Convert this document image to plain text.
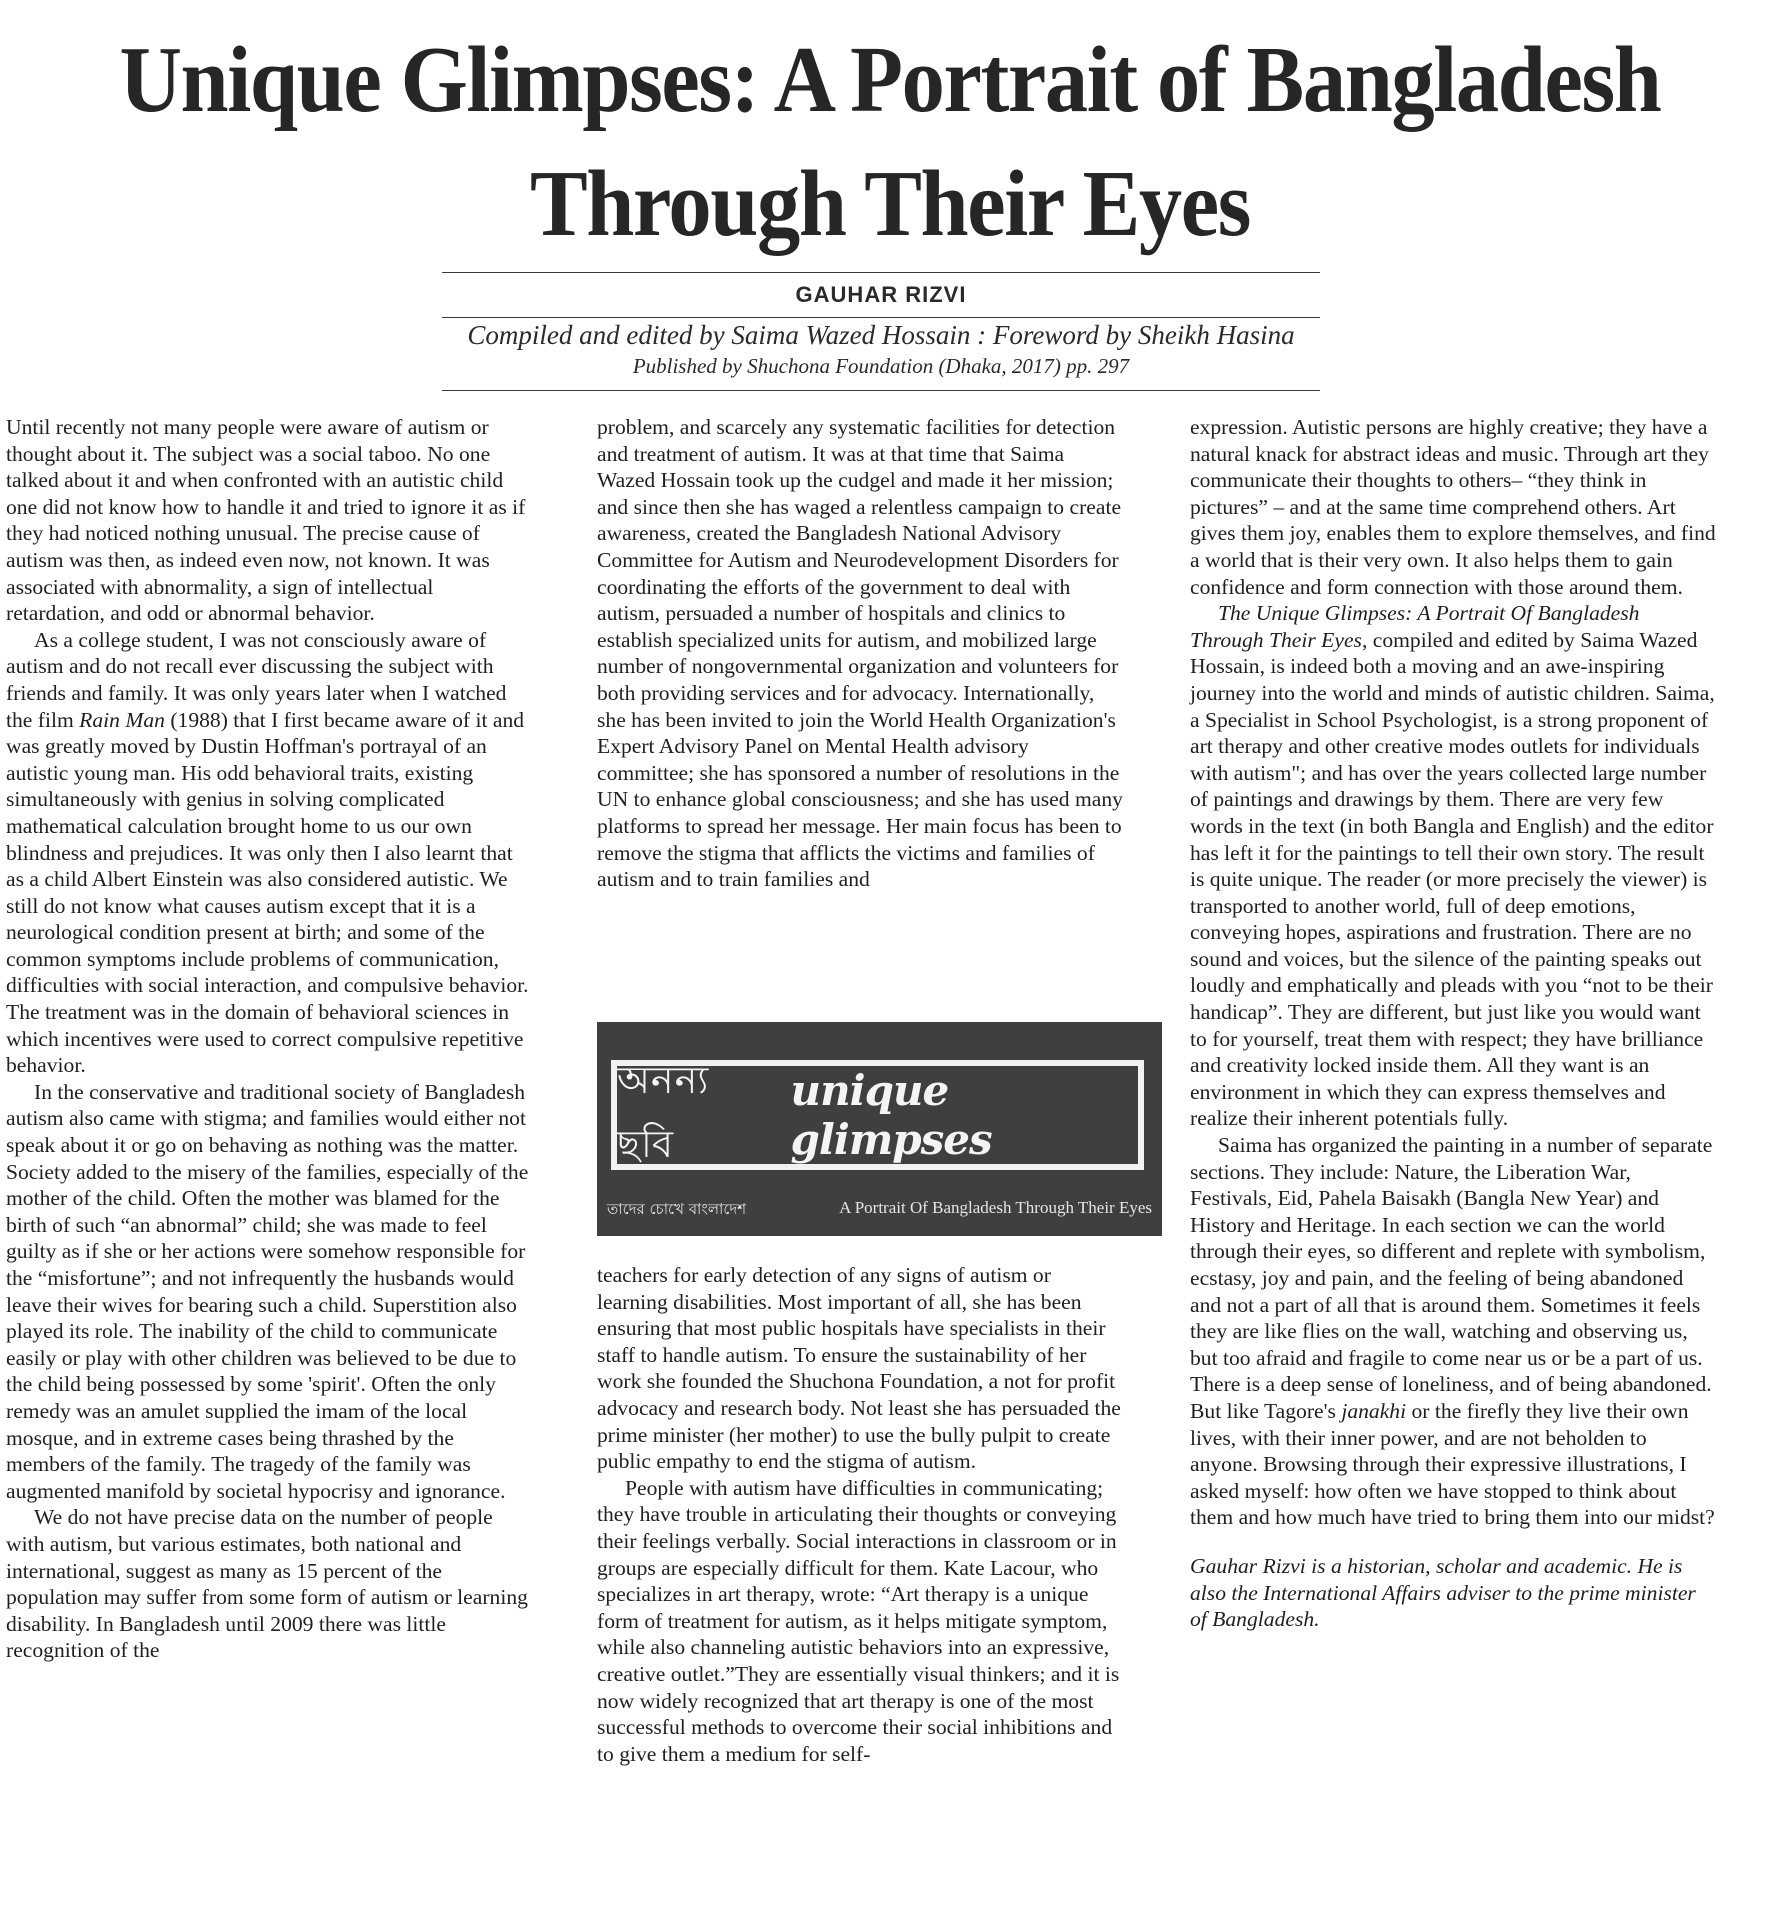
Unique Glimpses: A Portrait of Bangladesh Through Their Eyes
GAUHAR RIZVI
Compiled and edited by Saima Wazed Hossain : Foreword by Sheikh Hasina
Published by Shuchona Foundation (Dhaka, 2017) pp. 297

Until recently not many people were aware of autism or thought about it. The subject was a social taboo. No one talked about it and when confronted with an autistic child one did not know how to handle it and tried to ignore it as if they had noticed nothing unusual. The precise cause of autism was then, as indeed even now, not known. It was associated with abnormality, a sign of intellectual retardation, and odd or abnormal behavior.

As a college student, I was not consciously aware of autism and do not recall ever discussing the subject with friends and family. It was only years later when I watched the film Rain Man (1988) that I first became aware of it and was greatly moved by Dustin Hoffman's portrayal of an autistic young man. His odd behavioral traits, existing simultaneously with genius in solving complicated mathematical calculation brought home to us our own blindness and prejudices. It was only then I also learnt that as a child Albert Einstein was also considered autistic. We still do not know what causes autism except that it is a neurological condition present at birth; and some of the common symptoms include problems of communication, difficulties with social interaction, and compulsive behavior. The treatment was in the domain of behavioral sciences in which incentives were used to correct compulsive repetitive behavior.

In the conservative and traditional society of Bangladesh autism also came with stigma; and families would either not speak about it or go on behaving as nothing was the matter. Society added to the misery of the families, especially of the mother of the child. Often the mother was blamed for the birth of such “an abnormal” child; she was made to feel guilty as if she or her actions were somehow responsible for the “misfortune”; and not infrequently the husbands would leave their wives for bearing such a child. Superstition also played its role. The inability of the child to communicate easily or play with other children was believed to be due to the child being possessed by some 'spirit'. Often the only remedy was an amulet supplied the imam of the local mosque, and in extreme cases being thrashed by the members of the family. The tragedy of the family was augmented manifold by societal hypocrisy and ignorance.

We do not have precise data on the number of people with autism, but various estimates, both national and international, suggest as many as 15 percent of the population may suffer from some form of autism or learning disability. In Bangladesh until 2009 there was little recognition of the

problem, and scarcely any systematic facilities for detection and treatment of autism. It was at that time that Saima Wazed Hossain took up the cudgel and made it her mission; and since then she has waged a relentless campaign to create awareness, created the Bangladesh National Advisory Committee for Autism and Neurodevelopment Disorders for coordinating the efforts of the government to deal with autism, persuaded a number of hospitals and clinics to establish specialized units for autism, and mobilized large number of nongovernmental organization and volunteers for both providing services and for advocacy. Internationally, she has been invited to join the World Health Organization's Expert Advisory Panel on Mental Health advisory committee; she has sponsored a number of resolutions in the UN to enhance global consciousness; and she has used many platforms to spread her message. Her main focus has been to remove the stigma that afflicts the victims and families of autism and to train families and

অনন্য ছবি
unique glimpses
তাদের চোখে বাংলাদেশ	A Portrait Of Bangladesh Through Their Eyes

teachers for early detection of any signs of autism or learning disabilities. Most important of all, she has been ensuring that most public hospitals have specialists in their staff to handle autism. To ensure the sustainability of her work she founded the Shuchona Foundation, a not for profit advocacy and research body. Not least she has persuaded the prime minister (her mother) to use the bully pulpit to create public empathy to end the stigma of autism.

People with autism have difficulties in communicating; they have trouble in articulating their thoughts or conveying their feelings verbally. Social interactions in classroom or in groups are especially difficult for them. Kate Lacour, who specializes in art therapy, wrote: “Art therapy is a unique form of treatment for autism, as it helps mitigate symptom, while also channeling autistic behaviors into an expressive, creative outlet.”They are essentially visual thinkers; and it is now widely recognized that art therapy is one of the most successful methods to overcome their social inhibitions and to give them a medium for self-

expression. Autistic persons are highly creative; they have a natural knack for abstract ideas and music. Through art they communicate their thoughts to others– “they think in pictures” – and at the same time comprehend others. Art gives them joy, enables them to explore themselves, and find a world that is their very own. It also helps them to gain confidence and form connection with those around them.

The Unique Glimpses: A Portrait Of Bangladesh Through Their Eyes, compiled and edited by Saima Wazed Hossain, is indeed both a moving and an awe-inspiring journey into the world and minds of autistic children. Saima, a Specialist in School Psychologist, is a strong proponent of art therapy and other creative modes outlets for individuals with autism"; and has over the years collected large number of paintings and drawings by them. There are very few words in the text (in both Bangla and English) and the editor has left it for the paintings to tell their own story. The result is quite unique. The reader (or more precisely the viewer) is transported to another world, full of deep emotions, conveying hopes, aspirations and frustration. There are no sound and voices, but the silence of the painting speaks out loudly and emphatically and pleads with you “not to be their handicap”. They are different, but just like you would want to for yourself, treat them with respect; they have brilliance and creativity locked inside them. All they want is an environment in which they can express themselves and realize their inherent potentials fully.

Saima has organized the painting in a number of separate sections. They include: Nature, the Liberation War, Festivals, Eid, Pahela Baisakh (Bangla New Year) and History and Heritage. In each section we can the world through their eyes, so different and replete with symbolism, ecstasy, joy and pain, and the feeling of being abandoned and not a part of all that is around them. Sometimes it feels they are like flies on the wall, watching and observing us, but too afraid and fragile to come near us or be a part of us. There is a deep sense of loneliness, and of being abandoned. But like Tagore's janakhi or the firefly they live their own lives, with their inner power, and are not beholden to anyone. Browsing through their expressive illustrations, I asked myself: how often we have stopped to think about them and how much have tried to bring them into our midst?

Gauhar Rizvi is a historian, scholar and academic. He is also the International Affairs adviser to the prime minister of Bangladesh.
